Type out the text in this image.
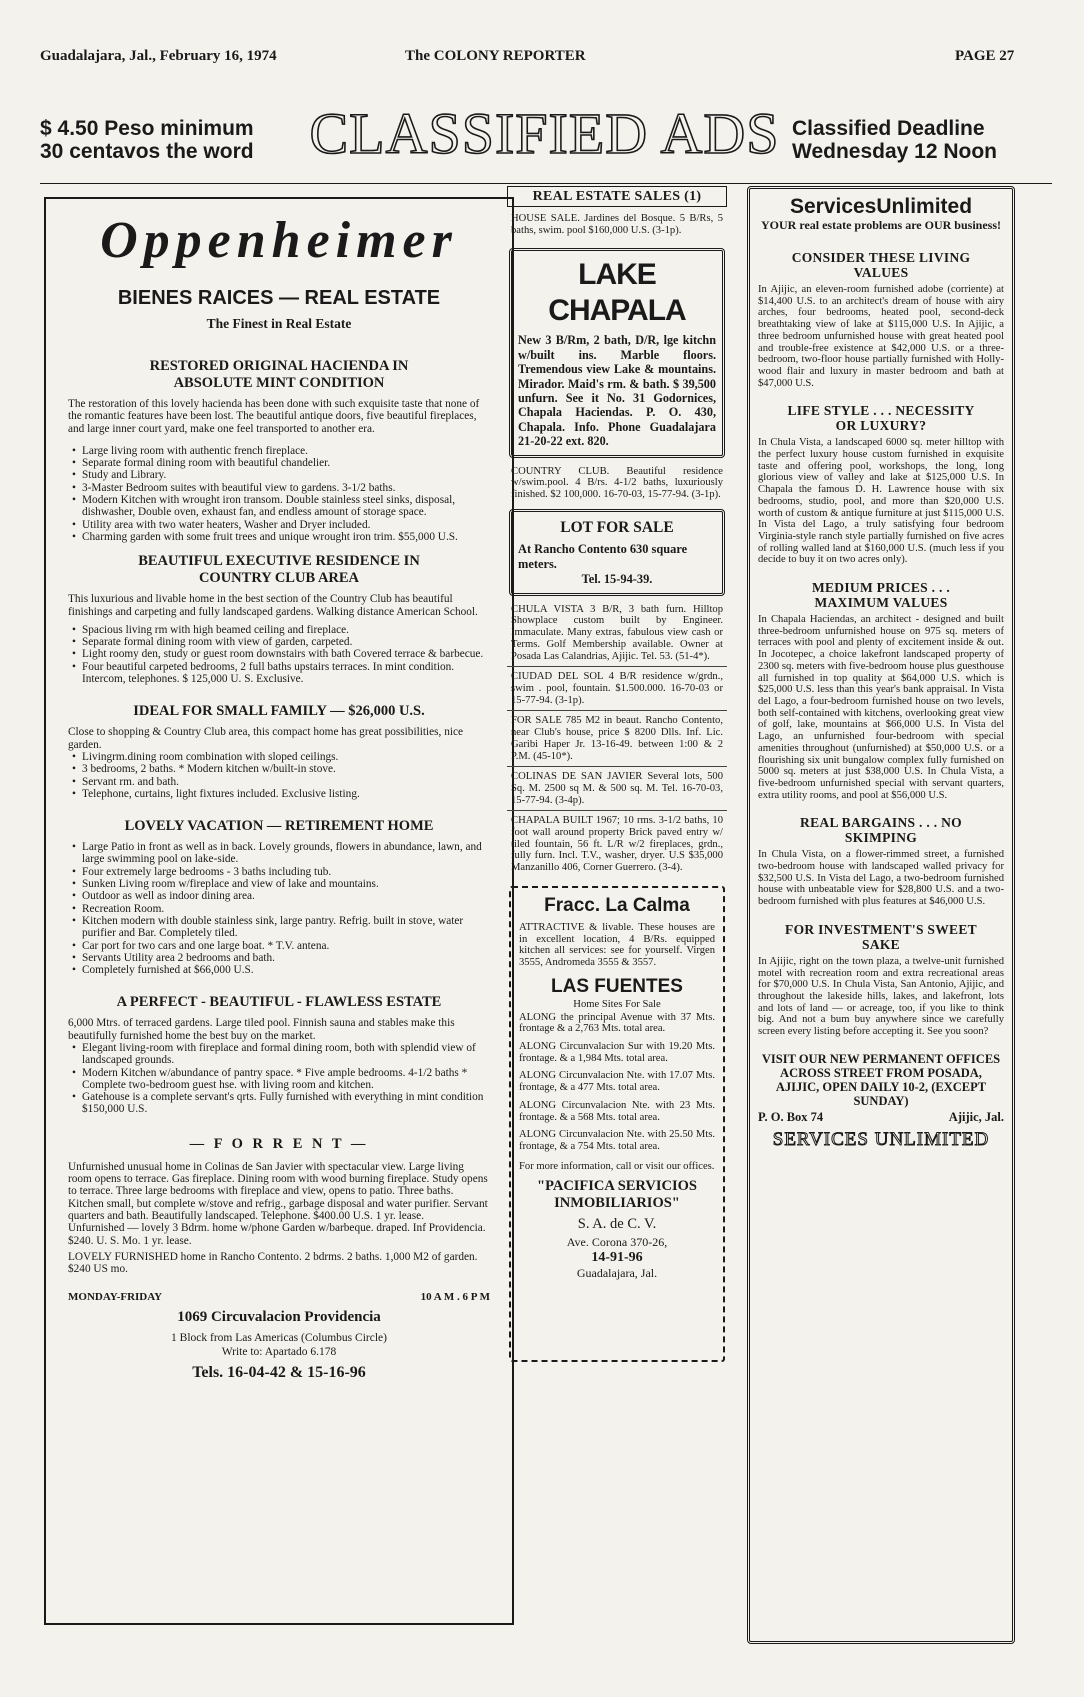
Guadalajara, Jal., February 16, 1974	The COLONY REPORTER	PAGE 27
$ 4.50 Peso minimum
30 centavos the word CLASSIFIED ADS Classified Deadline
Wednesday 12 Noon
Oppenheimer
BIENES RAICES — REAL ESTATE
The Finest in Real Estate
RESTORED ORIGINAL HACIENDA IN ABSOLUTE MINT CONDITION

The restoration of this lovely hacienda has been done with such exquisite taste that none of the romantic features have been lost. The beautiful antique doors, five beautiful fireplaces, and large inner court yard, make one feel transported to another era.

• Large living room with authentic french fireplace.
• Separate formal dining room with beautiful chandelier.
• Study and Library.
• 3-Master Bedroom suites with beautiful view to gardens. 3-1/2 baths.
• Modern Kitchen with wrought iron transom. Double stainless steel sinks, disposal, dishwasher, Double oven, exhaust fan, and endless amount of storage space.
• Utility area with two water heaters, Washer and Dryer included.
• Charming garden with some fruit trees and unique wrought iron trim. $55,000 U.S.
BEAUTIFUL EXECUTIVE RESIDENCE IN COUNTRY CLUB AREA

This luxurious and livable home in the best section of the Country Club has beautiful finishings and carpeting and fully landscaped gardens. Walking distance American School.

• Spacious living rm with high beamed ceiling and fireplace.
• Separate formal dining room with view of garden, carpeted.
• Light roomy den, study or guest room downstairs with bath Covered terrace & barbecue.
• Four beautiful carpeted bedrooms, 2 full baths upstairs terraces. In mint condition. Intercom, telephones. $ 125,000 U. S. Exclusive.
IDEAL FOR SMALL FAMILY — $26,000 U.S.

Close to shopping & Country Club area, this compact home has great possibilities, nice garden.

• Livingrm.dining room combination with sloped ceilings.
• 3 bedrooms, 2 baths. * Modern kitchen w/built-in stove.
• Servant rm. and bath.
• Telephone, curtains, light fixtures included. Exclusive listing.
LOVELY VACATION — RETIREMENT HOME
• Large Patio in front as well as in back. Lovely grounds, flowers in abundance, lawn, and large swimming pool on lake-side.
• Four extremely large bedrooms - 3 baths including tub.
• Sunken Living room w/fireplace and view of lake and mountains.
• Outdoor as well as indoor dining area.
• Recreation Room.
• Kitchen modern with double stainless sink, large pantry. Refrig. built in stove, water purifier and Bar. Completely tiled.
• Car port for two cars and one large boat. * T.V. antena.
• Servants Utility area 2 bedrooms and bath.
• Completely furnished at $66,000 U.S.
A PERFECT - BEAUTIFUL - FLAWLESS ESTATE

6,000 Mtrs. of terraced gardens. Large tiled pool. Finnish sauna and stables make this beautifully furnished home the best buy on the market.

• Elegant living-room with fireplace and formal dining room, both with splendid view of landscaped grounds.
• Modern Kitchen w/abundance of pantry space. * Five ample bedrooms. 4-1/2 baths * Complete two-bedroom guest hse. with living room and kitchen.
• Gatehouse is a complete servant's qrts. Fully furnished with everything in mint condition $150,000 U.S.
— F O R R E N T —

Unfurnished unusual home in Colinas de San Javier with spectacular view. Large living room opens to terrace. Gas fireplace. Dining room with wood burning fireplace. Study opens to terrace. Three large bedrooms with fireplace and view, opens to patio. Three baths. Kitchen small, but complete w/stove and refrig., garbage disposal and water purifier. Servant quarters and bath. Beautifully landscaped. Telephone. $400.00 U.S. 1 yr. lease.

Unfurnished — lovely 3 Bdrm. home w/phone Garden w/barbeque. draped. Inf Providencia. $240. U. S. Mo. 1 yr. lease.

LOVELY FURNISHED home in Rancho Contento. 2 bdrms. 2 baths. 1,000 M2 of garden. $240 US mo.

MONDAY-FRIDAY	10 A M . 6 P M
1069 Circuvalacion Providencia
1 Block from Las Americas (Columbus Circle)
Write to: Apartado 6.178
Tels. 16-04-42 & 15-16-96
REAL ESTATE SALES (1)

HOUSE SALE. Jardines del Bosque. 5 B/Rs, 5 baths, swim. pool $160,000 U.S. (3-1p).

LAKE CHAPALA
New 3 B/Rm, 2 bath, D/R, lge kitchn w/built ins. Marble floors. Tremendous view Lake & mountains. Mirador. Maid's rm. & bath. $ 39,500 unfurn. See it No. 31 Godornices, Chapala Haciendas. P. O. 430, Chapala. Info. Phone Guadalajara 21-20-22 ext. 820.

COUNTRY CLUB. Beautiful residence w/swim.pool. 4 B/rs. 4-1/2 baths, luxuriously finished. $2 100,000. 16-70-03, 15-77-94. (3-1p).

LOT FOR SALE
At Rancho Contento 630 square meters.
Tel. 15-94-39.

CHULA VISTA 3 B/R, 3 bath furn. Hilltop Showplace custom built by Engineer. Immaculate. Many extras, fabulous view cash or Terms. Golf Membership available. Owner at Posada Las Calandrias, Ajijic. Tel. 53. (51-4*).

CIUDAD DEL SOL 4 B/R residence w/grdn., swim . pool, fountain. $1.500.000. 16-70-03 or 15-77-94. (3-1p).

FOR SALE 785 M2 in beaut. Rancho Contento, near Club's house, price $ 8200 Dlls. Inf. Lic. Garibi Haper Jr. 13-16-49. between 1:00 & 2 P.M. (45-10*).

COLINAS DE SAN JAVIER Several lots, 500 Sq. M. 2500 sq M. & 500 sq. M. Tel. 16-70-03, 15-77-94. (3-4p).

CHAPALA BUILT 1967; 10 rms. 3-1/2 baths, 10 foot wall around property Brick paved entry w/ tiled fountain, 56 ft. L/R w/2 fireplaces, grdn., fully furn. Incl. T.V., washer, dryer. U.S $35,000 Manzanillo 406, Corner Guerrero. (3-4).

Fracc. La Calma

ATTRACTIVE & livable. These houses are in excellent location, 4 B/Rs. equipped kitchen all services: see for yourself. Virgen 3555, Andromeda 3555 & 3557.

LAS FUENTES
Home Sites For Sale

ALONG the principal Avenue with 37 Mts. frontage & a 2,763 Mts. total area.

ALONG Circunvalacion Sur with 19.20 Mts. frontage. & a 1,984 Mts. total area.

ALONG Circunvalacion Nte. with 17.07 Mts. frontage, & a 477 Mts. total area.

ALONG Circunvalacion Nte. with 23 Mts. frontage. & a 568 Mts. total area.

ALONG Circunvalacion Nte. with 25.50 Mts. frontage, & a 754 Mts. total area.

For more information, call or visit our offices.

"PACIFICA SERVICIOS INMOBILIARIOS"
S. A. de C. V.
Ave. Corona 370-26,
14-91-96
Guadalajara, Jal.
ServicesUnlimited
YOUR real estate problems are OUR business!
CONSIDER THESE LIVING VALUES

In Ajijic, an eleven-room furnished adobe (corriente) at $14,400 U.S. to an architect's dream of house with airy arches, four bedrooms, heated pool, second-deck breathtaking view of lake at $115,000 U.S. In Ajijic, a three bedroom unfurnished house with great heated pool and trouble-free existence at $42,000 U.S. or a three-bedroom, two-floor house partially furnished with Holly-wood flair and luxury in master bedroom and bath at $47,000 U.S.

LIFE STYLE . . . NECESSITY OR LUXURY?

In Chula Vista, a landscaped 6000 sq. meter hilltop with the perfect luxury house custom furnished in exquisite taste and offering pool, workshops, the long, long glorious view of valley and lake at $125,000 U.S. In Chapala the famous D. H. Lawrence house with six bedrooms, studio, pool, and more than $20,000 U.S. worth of custom & antique furniture at just $115,000 U.S. In Vista del Lago, a truly satisfying four bedroom Virginia-style ranch style partially furnished on five acres of rolling walled land at $160,000 U.S. (much less if you decide to buy it on two acres only).

MEDIUM PRICES . . . MAXIMUM VALUES

In Chapala Haciendas, an architect - designed and built three-bedroom unfurnished house on 975 sq. meters of terraces with pool and plenty of excitement inside & out. In Jocotepec, a choice lakefront landscaped property of 2300 sq. meters with five-bedroom house plus guesthouse all furnished in top quality at $64,000 U.S. which is $25,000 U.S. less than this year's bank appraisal. In Vista del Lago, a four-bedroom furnished house on two levels, both self-contained with kitchens, overlooking great view of golf, lake, mountains at $66,000 U.S. In Vista del Lago, an unfurnished four-bedroom with special amenities throughout (unfurnished) at $50,000 U.S. or a flourishing six unit bungalow complex fully furnished on 5000 sq. meters at just $38,000 U.S. In Chula Vista, a five-bedroom unfurnished special with servant quarters, extra utility rooms, and pool at $56,000 U.S.

REAL BARGAINS . . . NO SKIMPING

In Chula Vista, on a flower-rimmed street, a furnished two-bedroom house with landscaped walled privacy for $32,500 U.S. In Vista del Lago, a two-bedroom furnished house with unbeatable view for $28,800 U.S. and a two-bedroom furnished with plus features at $46,000 U.S.

FOR INVESTMENT'S SWEET SAKE

In Ajijic, right on the town plaza, a twelve-unit furnished motel with recreation room and extra recreational areas for $70,000 U.S. In Chula Vista, San Antonio, Ajijic, and throughout the lakeside hills, lakes, and lakefront, lots and lots of land — or acreage, too, if you like to think big. And not a bum buy anywhere since we carefully screen every listing before accepting it. See you soon?

VISIT OUR NEW PERMANENT OFFICES ACROSS STREET FROM POSADA, AJIJIC, OPEN DAILY 10-2, (EXCEPT SUNDAY)
P. O. Box 74	Ajijic, Jal.
SERVICES UNLIMITED
